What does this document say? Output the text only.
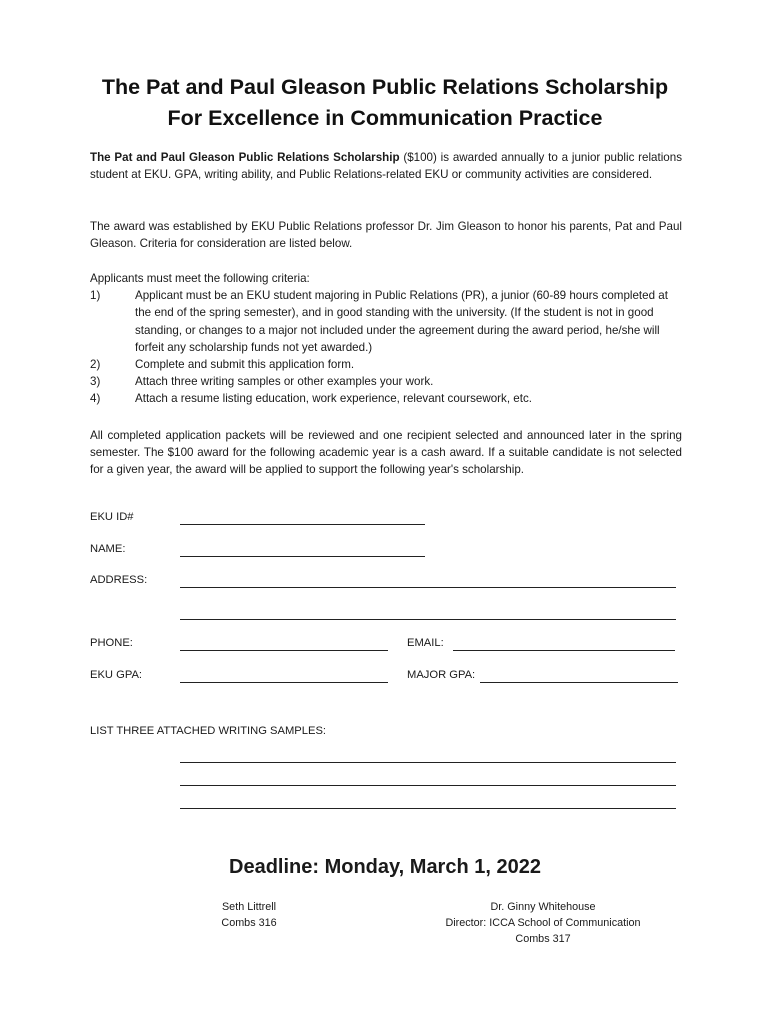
The Pat and Paul Gleason Public Relations Scholarship
For Excellence in Communication Practice
The Pat and Paul Gleason Public Relations Scholarship ($100) is awarded annually to a junior public relations student at EKU. GPA, writing ability, and Public Relations-related EKU or community activities are considered.
The award was established by EKU Public Relations professor Dr. Jim Gleason to honor his parents, Pat and Paul Gleason. Criteria for consideration are listed below.
Applicants must meet the following criteria:
1)	Applicant must be an EKU student majoring in Public Relations (PR), a junior (60-89 hours completed at the end of the spring semester), and in good standing with the university. (If the student is not in good standing, or changes to a major not included under the agreement during the award period, he/she will forfeit any scholarship funds not yet awarded.)
2)	Complete and submit this application form.
3)	Attach three writing samples or other examples your work.
4)	Attach a resume listing education, work experience, relevant coursework, etc.
All completed application packets will be reviewed and one recipient selected and announced later in the spring semester. The $100 award for the following academic year is a cash award. If a suitable candidate is not selected for a given year, the award will be applied to support the following year's scholarship.
EKU ID#
NAME:
ADDRESS:
PHONE:	EMAIL:
EKU GPA:	MAJOR GPA:
LIST THREE ATTACHED WRITING SAMPLES:
Deadline: Monday, March 1, 2022
Seth Littrell
Combs 316
Dr. Ginny Whitehouse
Director: ICCA School of Communication
Combs 317
